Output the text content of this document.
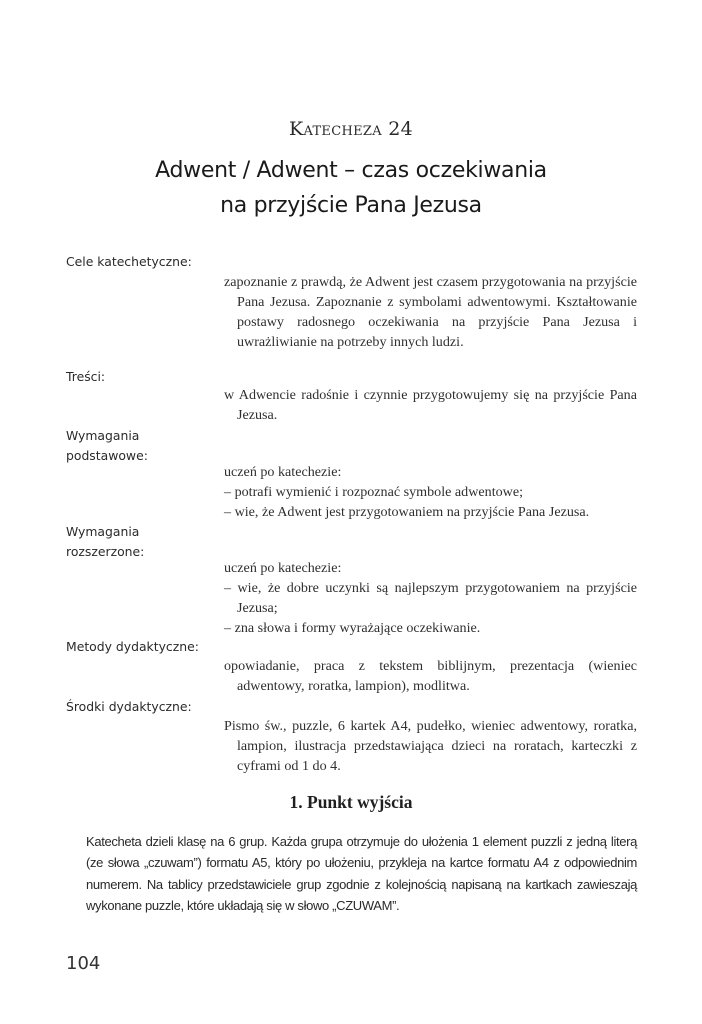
Katecheza 24
Adwent / Adwent – czas oczekiwania
na przyjście Pana Jezusa
Cele katechetyczne:

zapoznanie z prawdą, że Adwent jest czasem przygotowania na przyjście Pana Jezusa. Zapoznanie z symbolami adwentowymi. Kształtowanie postawy radosnego oczekiwania na przyjście Pana Jezusa i uwrażliwianie na potrzeby innych ludzi.

Treści:

w Adwencie radośnie i czynnie przygotowujemy się na przyjście Pana Jezusa.

Wymagania
podstawowe:

uczeń po katechezie:

– potrafi wymienić i rozpoznać symbole adwentowe;

– wie, że Adwent jest przygotowaniem na przyjście Pana Jezusa.

Wymagania
rozszerzone:

uczeń po katechezie:

– wie, że dobre uczynki są najlepszym przygotowaniem na przyjście Jezusa;

– zna słowa i formy wyrażające oczekiwanie.

Metody dydaktyczne:

opowiadanie, praca z tekstem biblijnym, prezentacja (wieniec adwentowy, roratka, lampion), modlitwa.

Środki dydaktyczne:

Pismo św., puzzle, 6 kartek A4, pudełko, wieniec adwentowy, roratka, lampion, ilustracja przedstawiająca dzieci na roratach, karteczki z cyframi od 1 do 4.

1. Punkt wyjścia
Katecheta dzieli klasę na 6 grup. Każda grupa otrzymuje do ułożenia 1 element puzzli z jedną literą (ze słowa „czuwam”) formatu A5, który po ułożeniu, przykleja na kartce formatu A4 z odpowiednim numerem. Na tablicy przedstawiciele grup zgodnie z kolejnością napisaną na kartkach zawieszają wykonane puzzle, które układają się w słowo „CZUWAM”.
104
